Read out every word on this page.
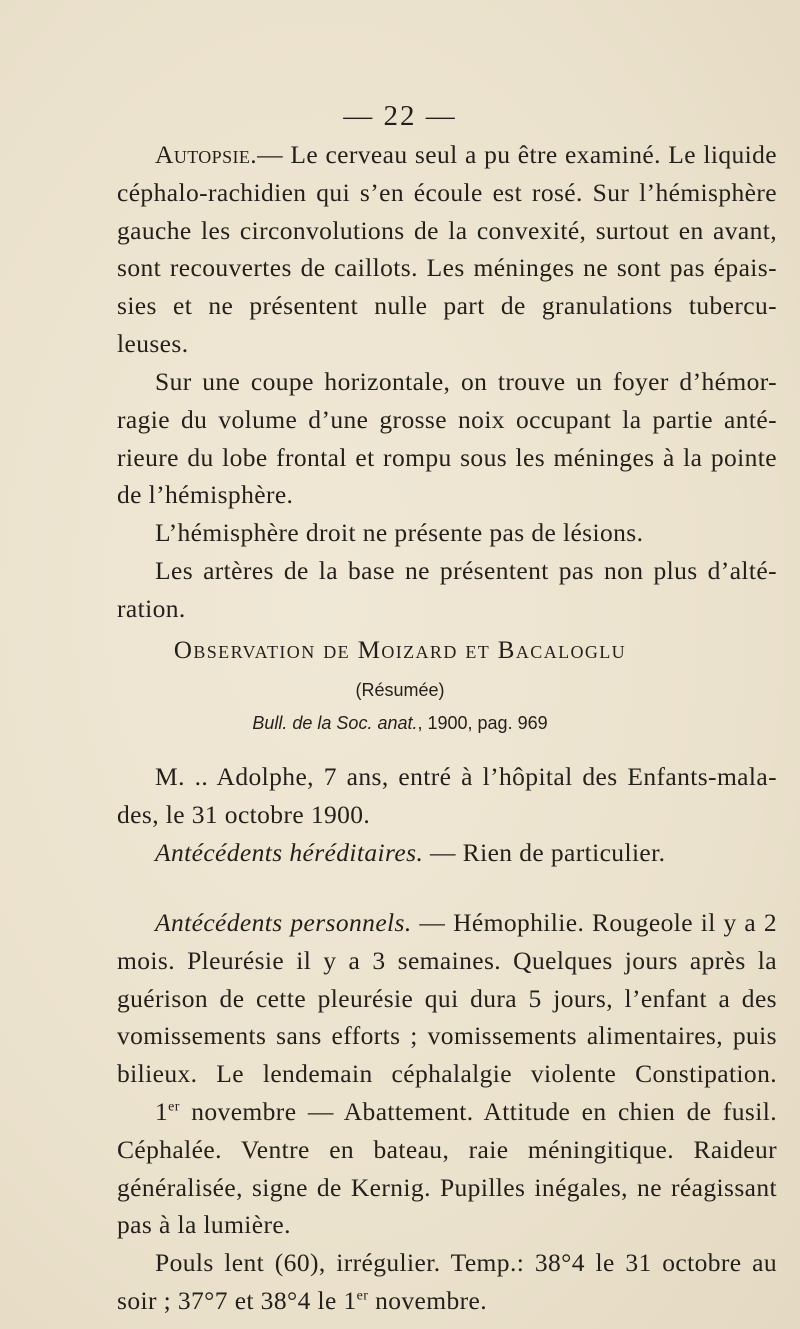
— 22 —
Autopsie.— Le cerveau seul a pu être examiné. Le liquide
céphalo-rachidien qui s’en écoule est rosé. Sur l’hémisphère
gauche les circonvolutions de la convexité, surtout en avant,
sont recouvertes de caillots. Les méninges ne sont pas épais-
sies et ne présentent nulle part de granulations tubercu-
leuses.
Sur une coupe horizontale, on trouve un foyer d’hémor-
ragie du volume d’une grosse noix occupant la partie anté-
rieure du lobe frontal et rompu sous les méninges à la pointe
de l’hémisphère.
L’hémisphère droit ne présente pas de lésions.
Les artères de la base ne présentent pas non plus d’alté-
ration.
Observation de Moizard et Bacaloglu
(Résumée)
Bull. de la Soc. anat., 1900, pag. 969
M. .. Adolphe, 7 ans, entré à l’hôpital des Enfants-mala-
des, le 31 octobre 1900.
Antécédents héréditaires. — Rien de particulier.
Antécédents personnels. — Hémophilie. Rougeole il y a 2
mois. Pleurésie il y a 3 semaines. Quelques jours après la
guérison de cette pleurésie qui dura 5 jours, l’enfant a des
vomissements sans efforts ; vomissements alimentaires, puis
bilieux. Le lendemain céphalalgie violente Constipation.
1er novembre — Abattement. Attitude en chien de fusil.
Céphalée. Ventre en bateau, raie méningitique. Raideur
généralisée, signe de Kernig. Pupilles inégales, ne réagissant
pas à la lumière.
Pouls lent (60), irrégulier. Temp.: 38°4 le 31 octobre au
soir ; 37°7 et 38°4 le 1er novembre.
